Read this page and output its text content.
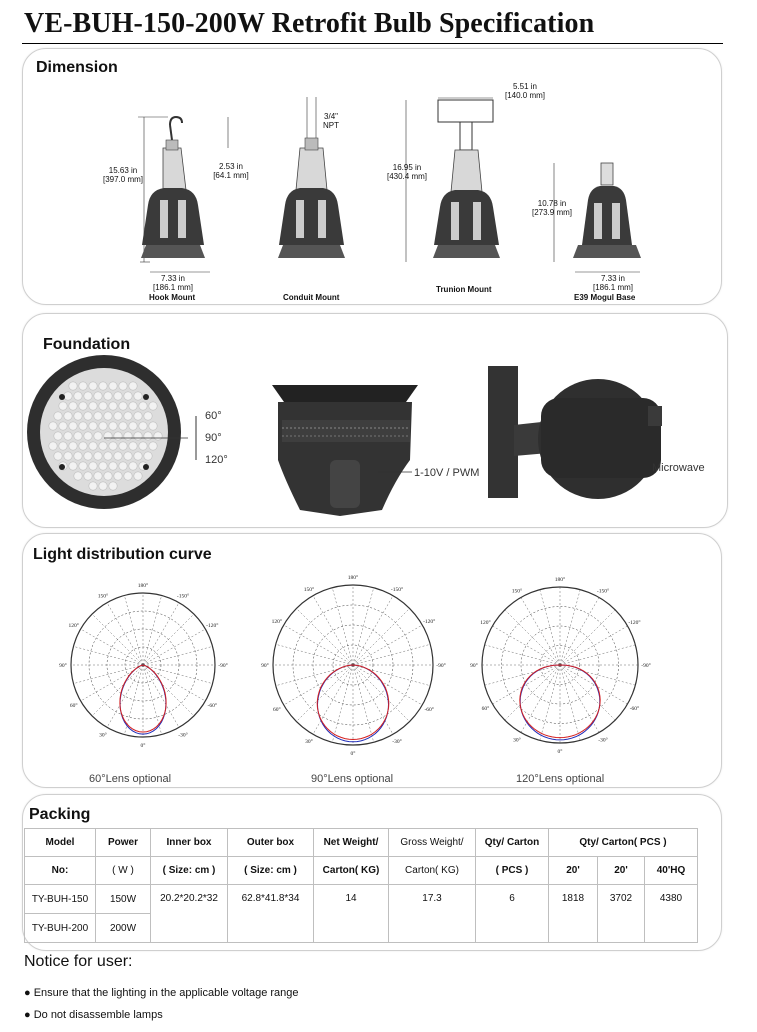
VE-BUH-150-200W Retrofit Bulb Specification
Dimension
15.63 in
[397.0 mm]
2.53 in
[64.1 mm]
7.33 in
[186.1 mm]
Hook Mount
3/4"
NPT
Conduit Mount
16.95 in
[430.4 mm]
5.51 in
[140.0 mm]
Trunion Mount
10.78 in
[273.9 mm]
7.33 in
[186.1 mm]
E39 Mogul Base
Foundation
60°
90°
120°
1-10V / PWM	Microwave
Light distribution curve
180°
-150°
150°
-120°
120°
-90°
90°
-60°
60°
-30°
30°
0°
180°
-150°
150°
-120°
120°
-90°
90°
-60°
60°
-30°
30°
0°
180°
-150°
150°
-120°
120°
-90°
90°
-60°
60°
-30°
30°
0°
60°Lens optional	90°Lens optional	120°Lens optional
Packing
Model	Power	Inner box	Outer box	Net Weight/	Gross Weight/	Qty/ Carton	Qty/ Carton( PCS )		
No:	( W )	( Size: cm )	( Size: cm )	Carton( KG)	Carton( KG)	( PCS )	20'	20'	40'HQ
TY-BUH-150	150W	20.2*20.2*32	62.8*41.8*34	14	17.3	6	1818	3702	4380
TY-BUH-200	200W								
Notice for user:
● Ensure that the lighting in the applicable voltage range
● Do not disassemble lamps
